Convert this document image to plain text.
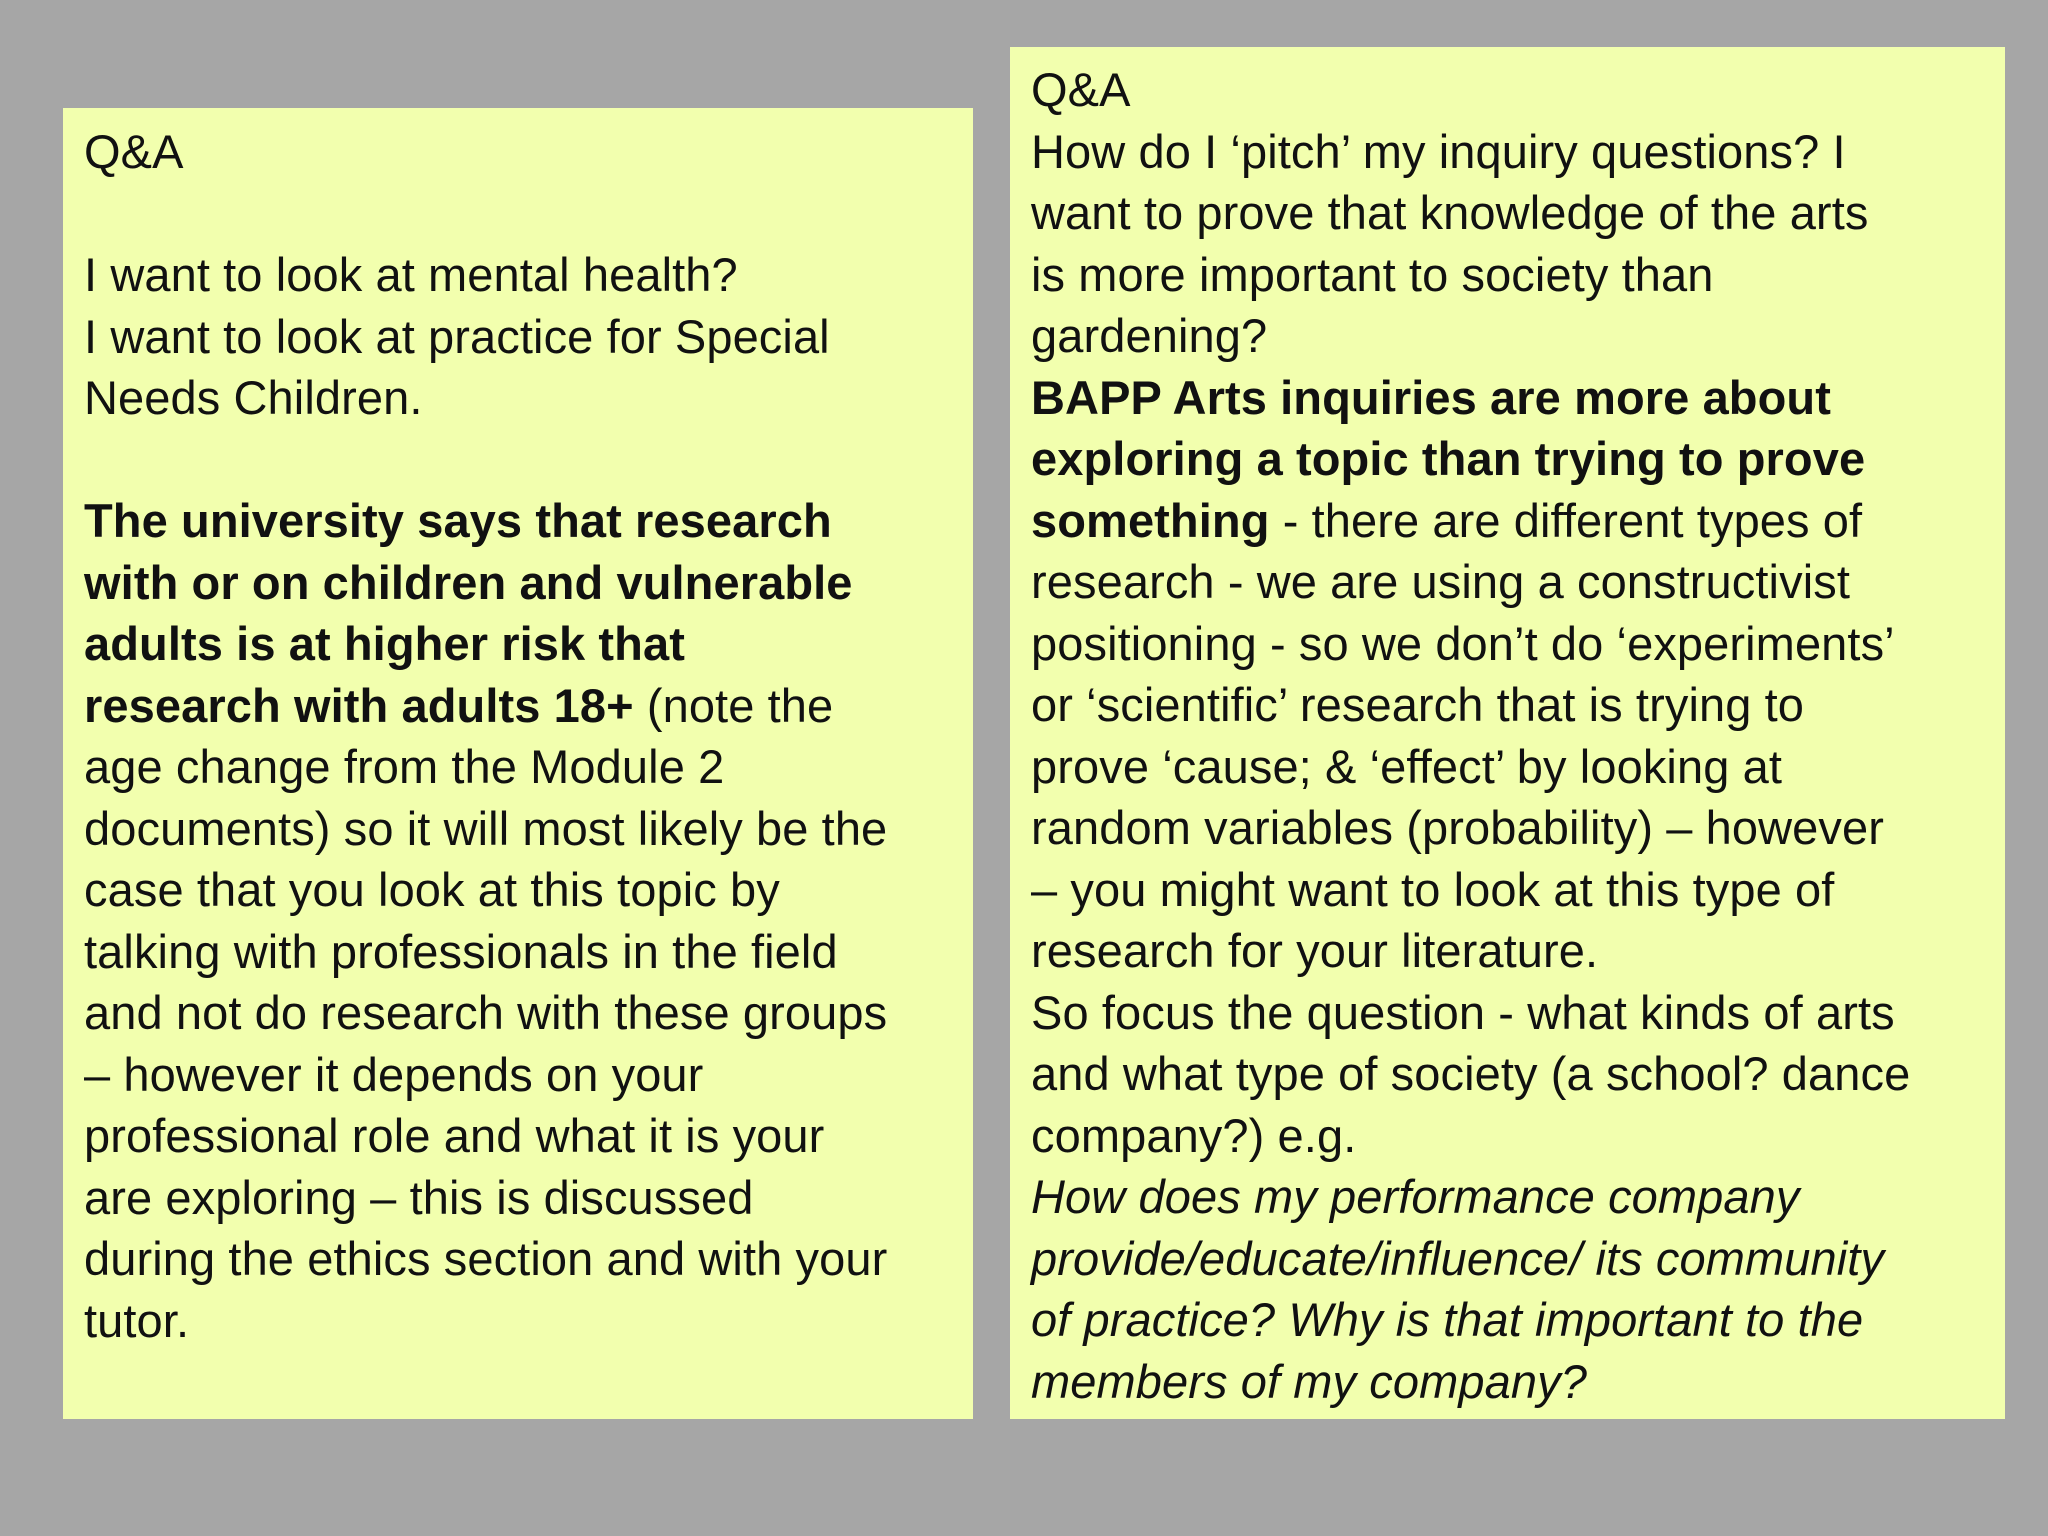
Q&A
I want to look at mental health?
I want to look at practice for Special
Needs Children.
The university says that research
with or on children and vulnerable
adults is at higher risk that
research with adults 18+ (note the
age change from the Module 2
documents) so it will most likely be the
case that you look at this topic by
talking with professionals in the field
and not do research with these groups
– however it depends on your
professional role and what it is your
are exploring – this is discussed
during the ethics section and with your
tutor.
Q&A
How do I ‘pitch’ my inquiry questions? I
want to prove that knowledge of the arts
is more important to society than
gardening?
BAPP Arts inquiries are more about
exploring a topic than trying to prove
something - there are different types of
research - we are using a constructivist
positioning - so we don’t do ‘experiments’
or ‘scientific’ research that is trying to
prove ‘cause; & ‘effect’ by looking at
random variables (probability) – however
– you might want to look at this type of
research for your literature.
So focus the question - what kinds of arts
and what type of society (a school? dance
company?) e.g.
How does my performance company
provide/educate/influence/ its community
of practice? Why is that important to the
members of my company?
